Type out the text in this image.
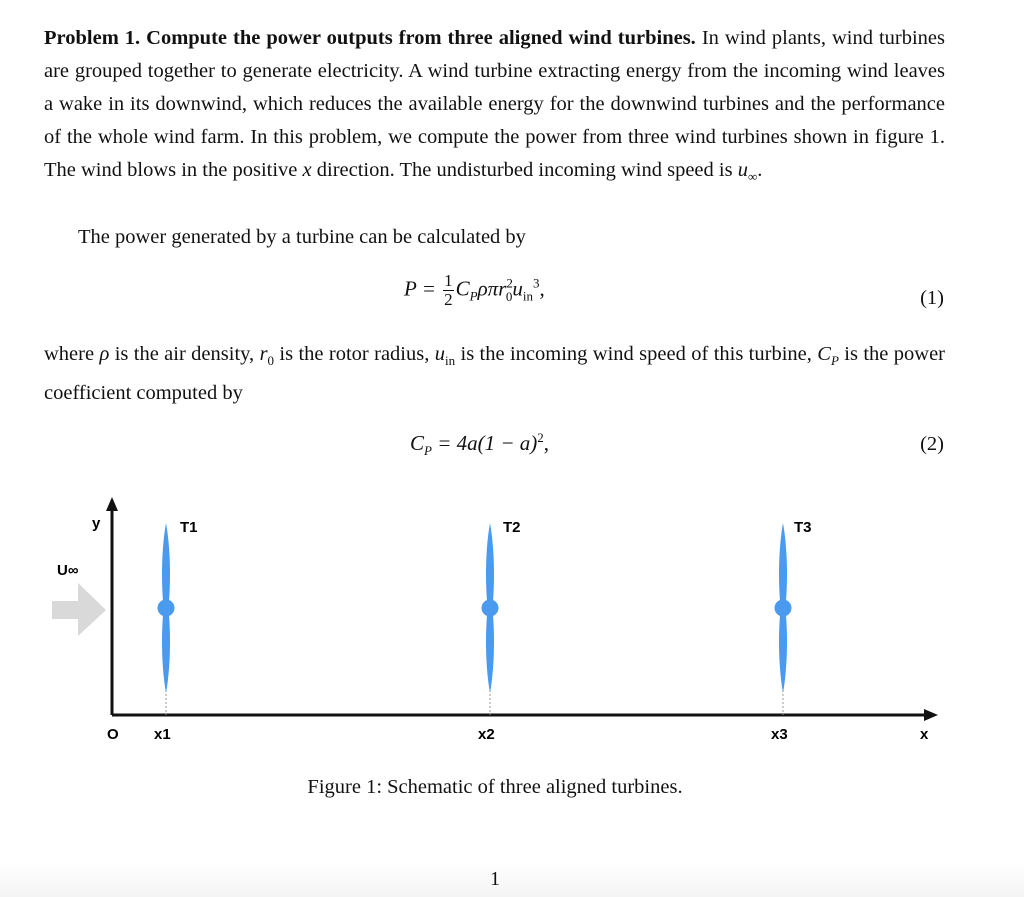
Problem 1. Compute the power outputs from three aligned wind turbines. In wind plants, wind turbines are grouped together to generate electricity. A wind turbine extracting energy from the incoming wind leaves a wake in its downwind, which reduces the available energy for the downwind turbines and the performance of the whole wind farm. In this problem, we compute the power from three wind turbines shown in figure 1. The wind blows in the positive x direction. The undisturbed incoming wind speed is $u_\infty$.
The power generated by a turbine can be calculated by
$P = \frac{1}{2} C_P\rho\pi r^2_0u_{in}^3$,	(1)
where ρ is the air density, $r_0$ is the rotor radius, $u_{in}$ is the incoming wind speed of this turbine, $C_P$ is the power coefficient computed by
$C_P = 4a(1 - a)^2$,	(2)
y
x
O
U∞
T1
x1
T2
x2
T3
x3
Figure 1: Schematic of three aligned turbines.
1
